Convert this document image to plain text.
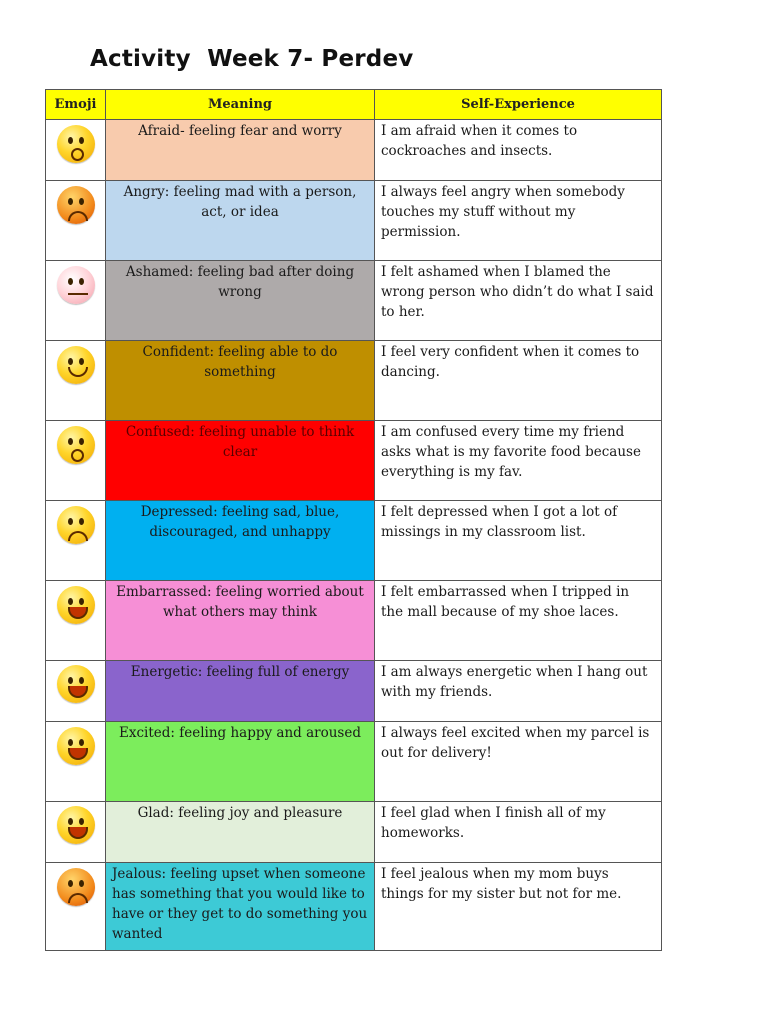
Activity  Week 7- Perdev
Emoji	Meaning	Self-Experience

	Afraid- feeling fear and worry	I am afraid when it comes to cockroaches and insects.

	Angry: feeling mad with a person, act, or idea	I always feel angry when somebody touches my stuff without my permission.

	Ashamed: feeling bad after doing wrong	I felt ashamed when I blamed the wrong person who didn’t do what I said to her.

	Confident: feeling able to do something	I feel very confident when it comes to dancing.

	Confused: feeling unable to think clear	I am confused every time my friend asks what is my favorite food because everything is my fav.

	Depressed: feeling sad, blue, discouraged, and unhappy	I felt depressed when I got a lot of missings in my classroom list.

	Embarrassed: feeling worried about what others may think	I felt embarrassed when I tripped in the mall because of my shoe laces.

	Energetic: feeling full of energy	I am always energetic when I hang out with my friends.

	Excited: feeling happy and aroused	I always feel excited when my parcel is out for delivery!

	Glad: feeling joy and pleasure	I feel glad when I finish all of my homeworks.

	Jealous: feeling upset when someone has something that you would like to have or they get to do something you wanted	I feel jealous when my mom buys things for my sister but not for me.
